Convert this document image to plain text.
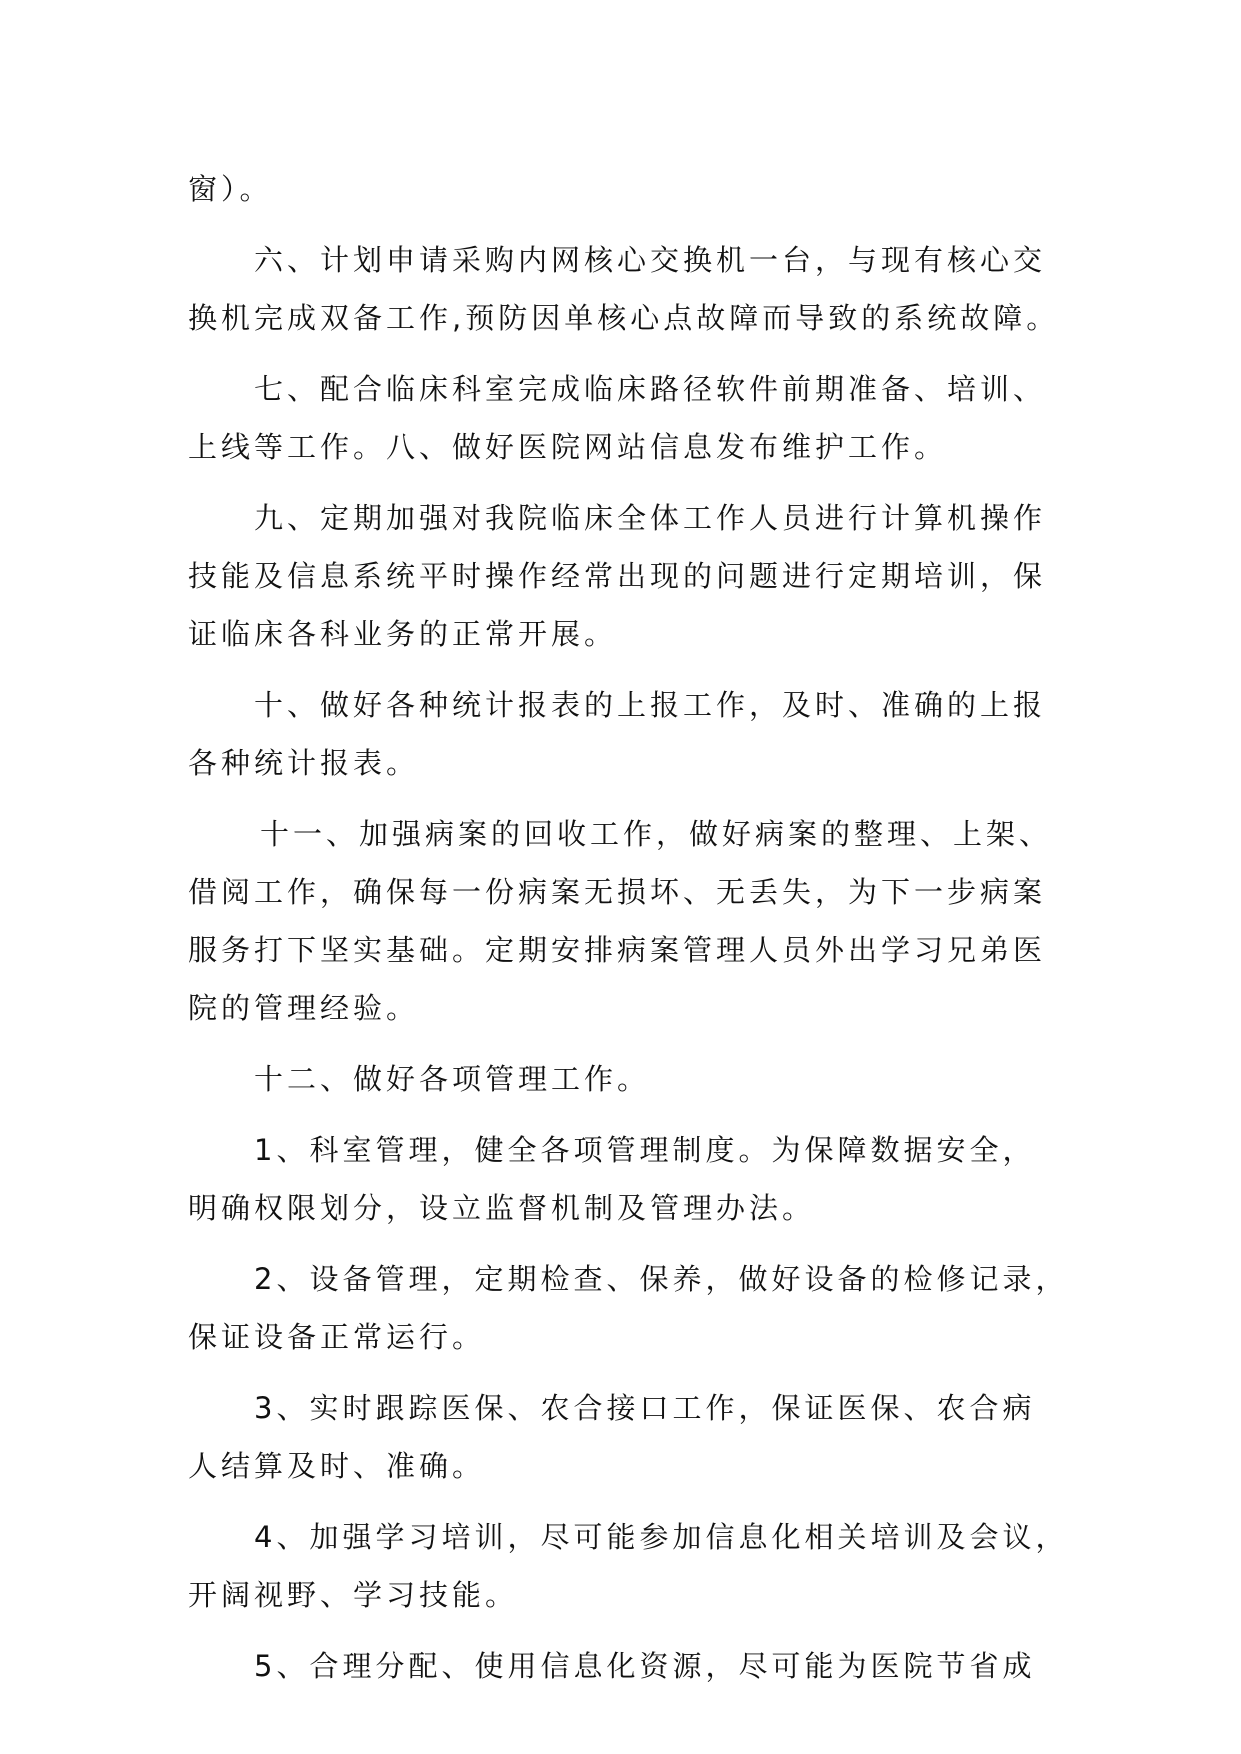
窗）。
六、计划申请采购内网核心交换机一台，与现有核心交
换机完成双备工作,预防因单核心点故障而导致的系统故障。
七、配合临床科室完成临床路径软件前期准备、培训、
上线等工作。八、做好医院网站信息发布维护工作。
九、定期加强对我院临床全体工作人员进行计算机操作
技能及信息系统平时操作经常出现的问题进行定期培训，保
证临床各科业务的正常开展。
十、做好各种统计报表的上报工作，及时、准确的上报
各种统计报表。
十一、加强病案的回收工作，做好病案的整理、上架、
借阅工作，确保每一份病案无损坏、无丢失，为下一步病案
服务打下坚实基础。定期安排病案管理人员外出学习兄弟医
院的管理经验。
十二、做好各项管理工作。
1、科室管理，健全各项管理制度。为保障数据安全，
明确权限划分，设立监督机制及管理办法。
2、设备管理，定期检查、保养，做好设备的检修记录，
保证设备正常运行。
3、实时跟踪医保、农合接口工作，保证医保、农合病
人结算及时、准确。
4、加强学习培训，尽可能参加信息化相关培训及会议，
开阔视野、学习技能。
5、合理分配、使用信息化资源，尽可能为医院节省成
